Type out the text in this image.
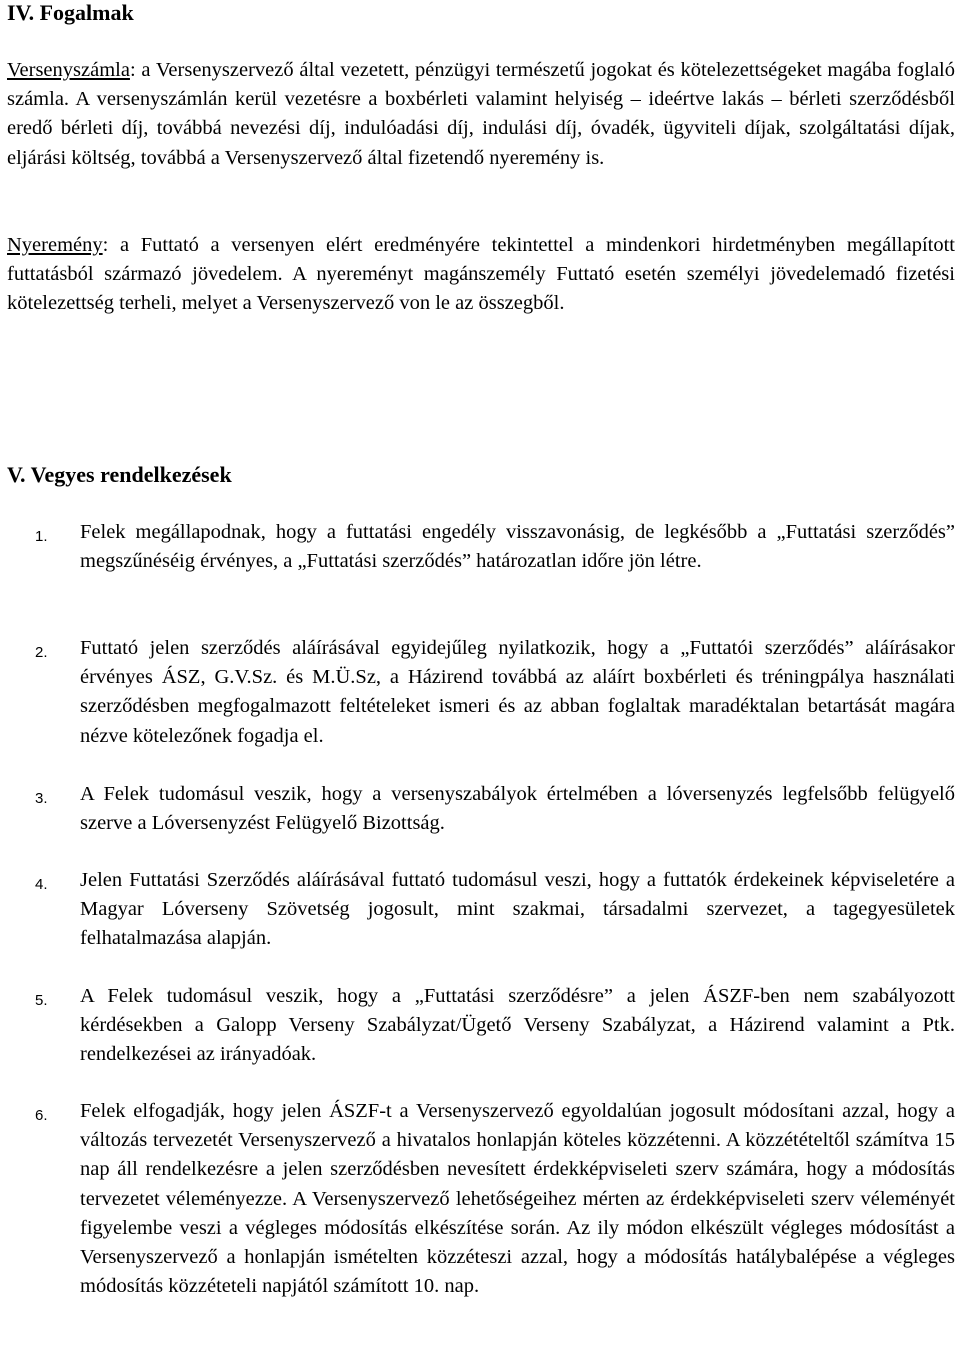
IV. Fogalmak

Versenyszámla: a Versenyszervező által vezetett, pénzügyi természetű jogokat és kötelezettségeket magába foglaló számla. A versenyszámlán kerül vezetésre a boxbérleti valamint helyiség – ideértve lakás – bérleti szerződésből eredő bérleti díj, továbbá nevezési díj, indulóadási díj, indulási díj, óvadék, ügyviteli díjak, szolgáltatási díjak, eljárási költség, továbbá a Versenyszervező által fizetendő nyeremény is.

Nyeremény: a Futtató a versenyen elért eredményére tekintettel a mindenkori hirdetményben megállapított futtatásból származó jövedelem. A nyereményt magánszemély Futtató esetén személyi jövedelemadó fizetési kötelezettség terheli, melyet a Versenyszervező von le az összegből.

V. Vegyes rendelkezések
1. Felek megállapodnak, hogy a futtatási engedély visszavonásig, de legkésőbb a „Futtatási szerződés” megszűnéséig érvényes, a „Futtatási szerződés” határozatlan időre jön létre.
2. Futtató jelen szerződés aláírásával egyidejűleg nyilatkozik, hogy a „Futtatói szerződés” aláírásakor érvényes ÁSZ, G.V.Sz. és M.Ü.Sz, a Házirend továbbá az aláírt boxbérleti és tréningpálya használati szerződésben megfogalmazott feltételeket ismeri és az abban foglaltak maradéktalan betartását magára nézve kötelezőnek fogadja el.
3. A Felek tudomásul veszik, hogy a versenyszabályok értelmében a lóversenyzés legfelsőbb felügyelő szerve a Lóversenyzést Felügyelő Bizottság.
4. Jelen Futtatási Szerződés aláírásával futtató tudomásul veszi, hogy a futtatók érdekeinek képviseletére a Magyar Lóverseny Szövetség jogosult, mint szakmai, társadalmi szervezet, a tagegyesületek felhatalmazása alapján.
5. A Felek tudomásul veszik, hogy a „Futtatási szerződésre” a jelen ÁSZF-ben nem szabályozott kérdésekben a Galopp Verseny Szabályzat/Ügető Verseny Szabályzat, a Házirend valamint a Ptk. rendelkezései az irányadóak.
6. Felek elfogadják, hogy jelen ÁSZF-t a Versenyszervező egyoldalúan jogosult módosítani azzal, hogy a változás tervezetét Versenyszervező a hivatalos honlapján köteles közzétenni. A közzétételtől számítva 15 nap áll rendelkezésre a jelen szerződésben nevesített érdekképviseleti szerv számára, hogy a módosítás tervezetet véleményezze. A Versenyszervező lehetőségeihez mérten az érdekképviseleti szerv véleményét figyelembe veszi a végleges módosítás elkészítése során. Az ily módon elkészült végleges módosítást a Versenyszervező a honlapján ismételten közzéteszi azzal, hogy a módosítás hatálybalépése a végleges módosítás közzéteteli napjától számított 10. nap.
